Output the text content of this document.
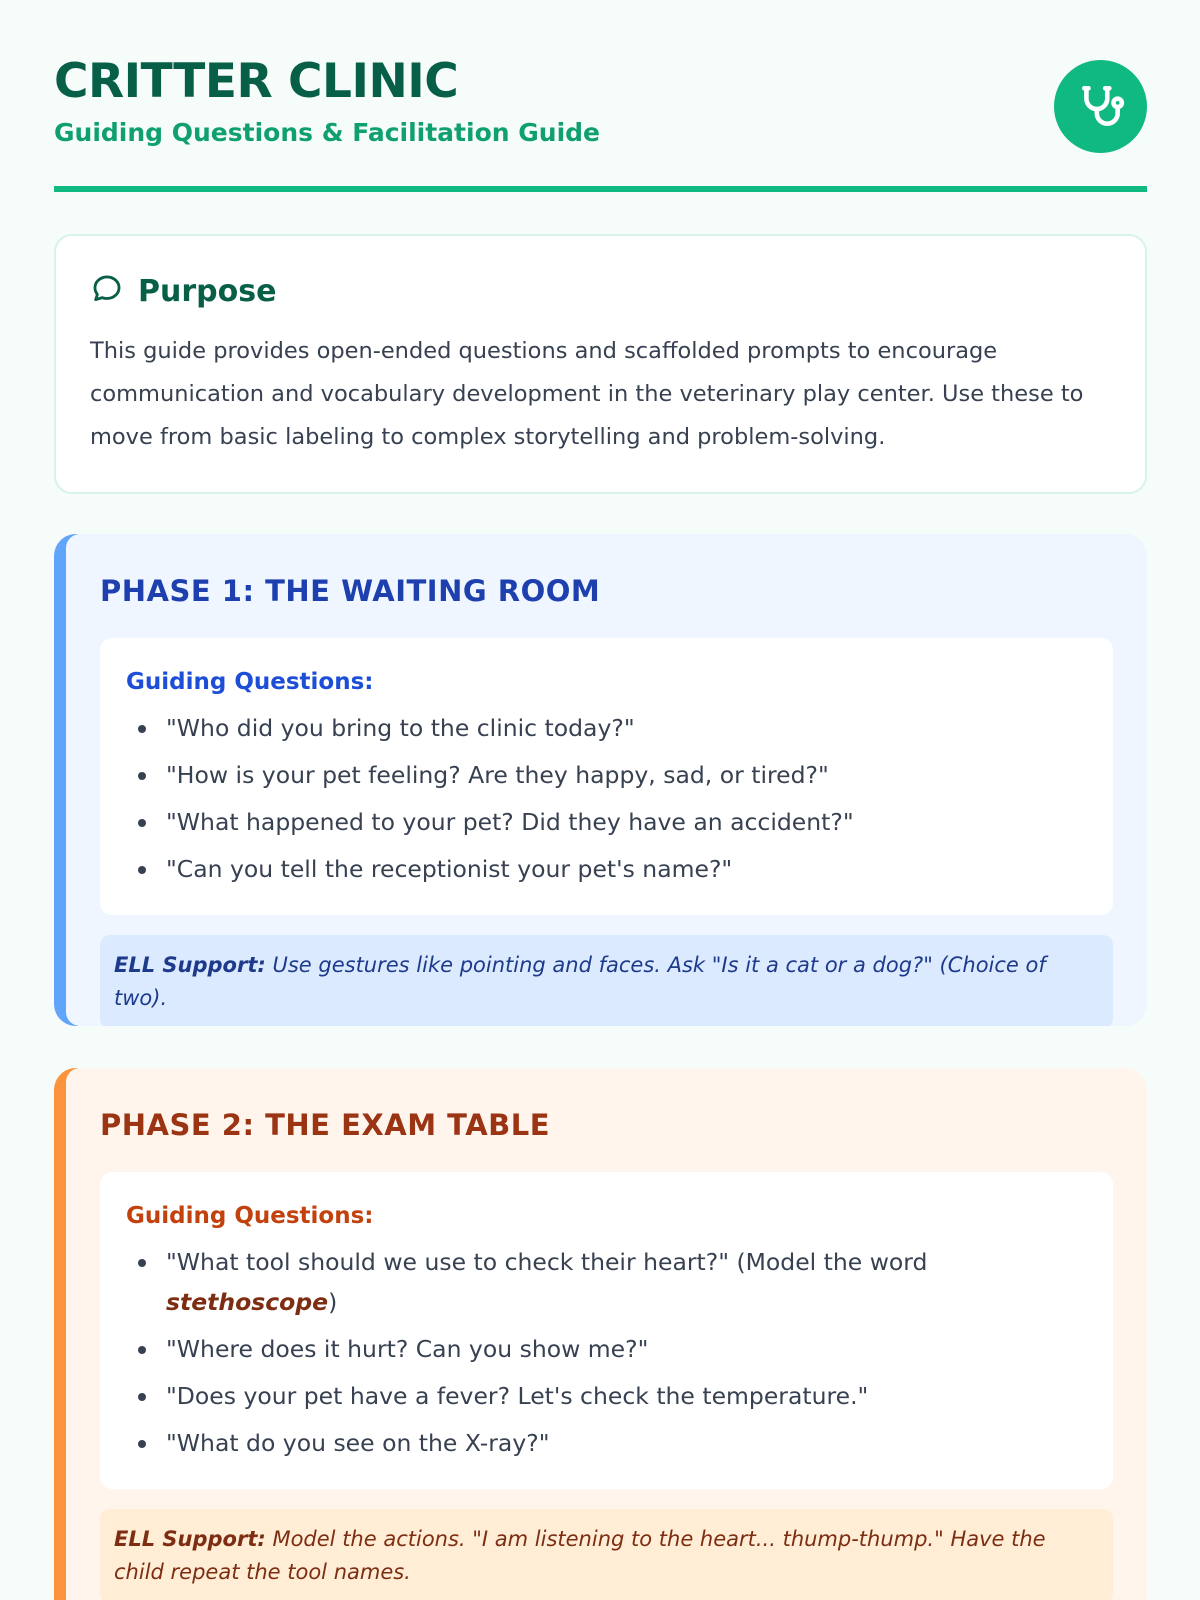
CRITTER CLINIC
Guiding Questions & Facilitation Guide
Purpose

This guide provides open-ended questions and scaffolded prompts to encourage communication and vocabulary development in the veterinary play center. Use these to move from basic labeling to complex storytelling and problem-solving.

PHASE 1: THE WAITING ROOM
Guiding Questions:
"Who did you bring to the clinic today?"
"How is your pet feeling? Are they happy, sad, or tired?"
"What happened to your pet? Did they have an accident?"
"Can you tell the receptionist your pet's name?"
ELL Support: Use gestures like pointing and faces. Ask "Is it a cat or a dog?" (Choice of two).
PHASE 2: THE EXAM TABLE
Guiding Questions:
"What tool should we use to check their heart?" (Model the word stethoscope)
"Where does it hurt? Can you show me?"
"Does your pet have a fever? Let's check the temperature."
"What do you see on the X-ray?"
ELL Support: Model the actions. "I am listening to the heart... thump-thump." Have the child repeat the tool names.
